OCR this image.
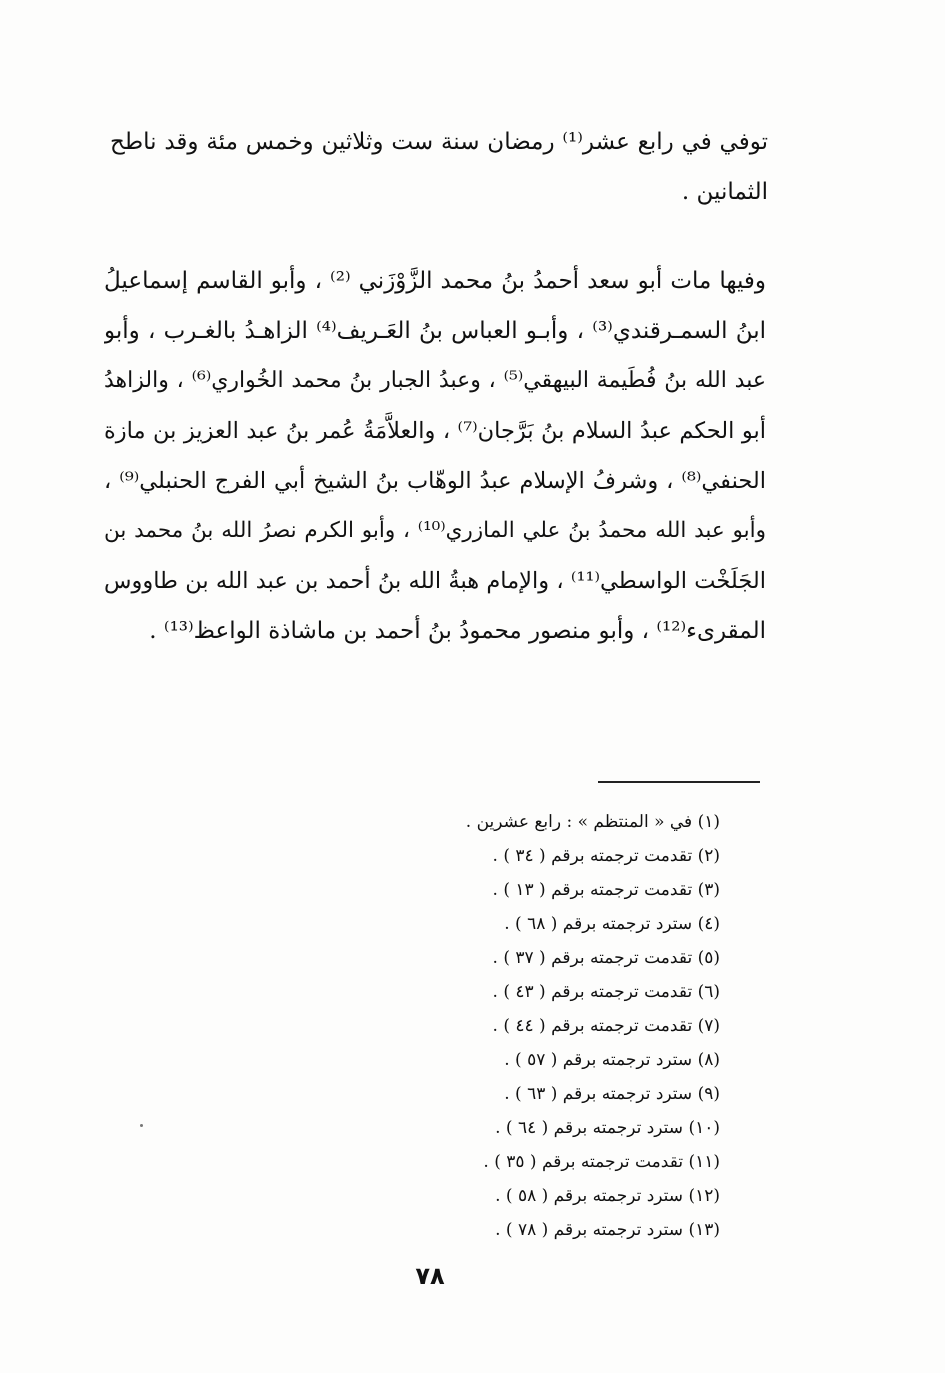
توفي في رابع عشر⁽¹⁾ رمضان سنة ست وثلاثين وخمس مئة وقد ناطح
الثمانين .
وفيها مات أبو سعد أحمدُ بنُ محمد الزَّوْزَني ⁽²⁾ ، وأبو القاسم إسماعيلُ
ابنُ السمـرقندي⁽³⁾ ، وأبـو العباس بنُ العَـريف⁽⁴⁾ الزاهـدُ بالغـرب ، وأبو
عبد الله بنُ فُطَيمة البيهقي⁽⁵⁾ ، وعبدُ الجبار بنُ محمد الخُواري⁽⁶⁾ ، والزاهدُ
أبو الحكم عبدُ السلام بنُ بَرَّجان⁽⁷⁾ ، والعلاَّمَةُ عُمر بنُ عبد العزيز بن مازة
الحنفي⁽⁸⁾ ، وشرفُ الإسلام عبدُ الوهّاب بنُ الشيخ أبي الفرج الحنبلي⁽⁹⁾ ،
وأبو عبد الله محمدُ بنُ علي المازري⁽¹⁰⁾ ، وأبو الكرم نصرُ الله بنُ محمد بن
الجَلَخْت الواسطي⁽¹¹⁾ ، والإمام هبةُ الله بنُ أحمد بن عبد الله بن طاووس
المقرىء⁽¹²⁾ ، وأبو منصور محمودُ بنُ أحمد بن ماشاذة الواعظ⁽¹³⁾ .
(١) في « المنتظم » : رابع عشرين .
(٢) تقدمت ترجمته برقم ( ٣٤ ) .
(٣) تقدمت ترجمته برقم ( ١٣ ) .
(٤) سترد ترجمته برقم ( ٦٨ ) .
(٥) تقدمت ترجمته برقم ( ٣٧ ) .
(٦) تقدمت ترجمته برقم ( ٤٣ ) .
(٧) تقدمت ترجمته برقم ( ٤٤ ) .
(٨) سترد ترجمته برقم ( ٥٧ ) .
(٩) سترد ترجمته برقم ( ٦٣ ) .
(١٠) سترد ترجمته برقم ( ٦٤ ) .
(١١) تقدمت ترجمته برقم ( ٣٥ ) .
(١٢) سترد ترجمته برقم ( ٥٨ ) .
(١٣) سترد ترجمته برقم ( ٧٨ ) .
٧٨
